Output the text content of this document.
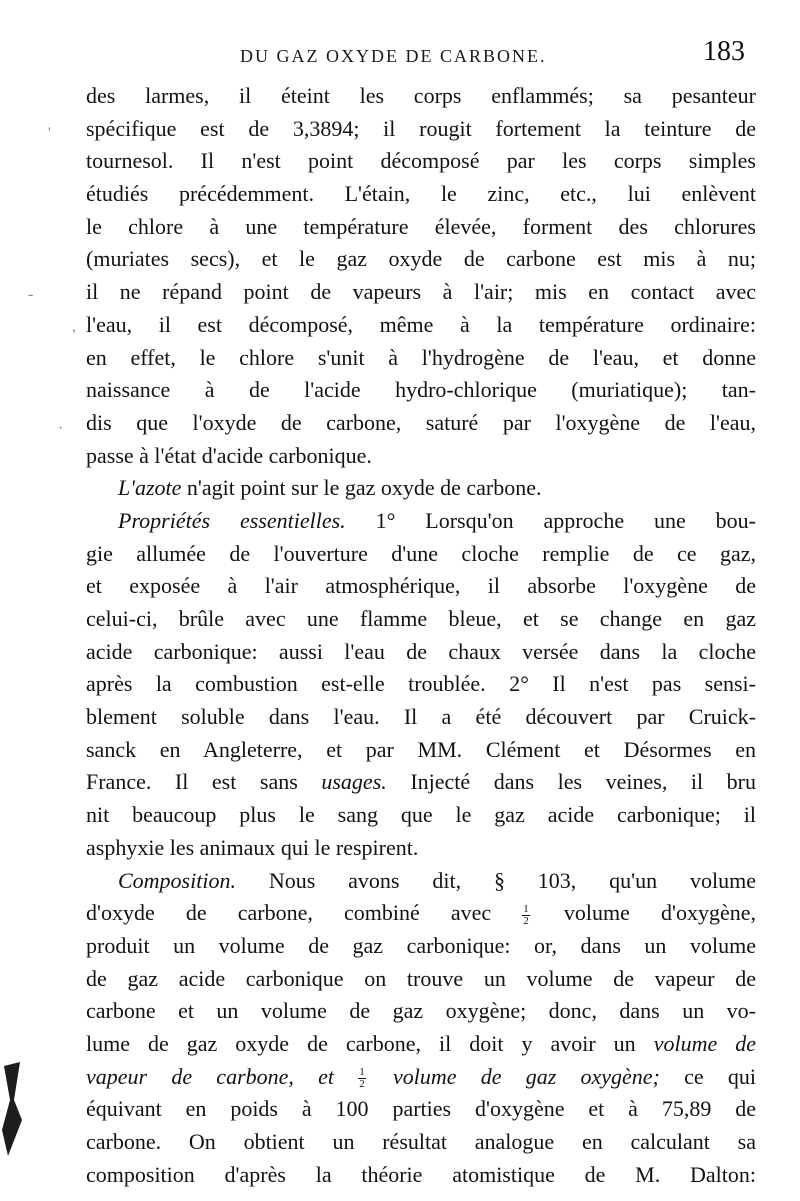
DU GAZ OXYDE DE CARBONE.	183
des larmes, il éteint les corps enflammés; sa pesanteur
spécifique est de 3,3894; il rougit fortement la teinture de
tournesol. Il n'est point décomposé par les corps simples
étudiés précédemment. L'étain, le zinc, etc., lui enlèvent
le chlore à une température élevée, forment des chlorures
(muriates secs), et le gaz oxyde de carbone est mis à nu;
il ne répand point de vapeurs à l'air; mis en contact avec
l'eau, il est décomposé, même à la température ordinaire:
en effet, le chlore s'unit à l'hydrogène de l'eau, et donne
naissance à de l'acide hydro-chlorique (muriatique); tan-
dis que l'oxyde de carbone, saturé par l'oxygène de l'eau,
passe à l'état d'acide carbonique.
L' azote n'agit point sur le gaz oxyde de carbone.
Propriétés essentielles. 1° Lorsqu'on approche une bou-
gie allumée de l'ouverture d'une cloche remplie de ce gaz,
et exposée à l'air atmosphérique, il absorbe l'oxygène de
celui-ci, brûle avec une flamme bleue, et se change en gaz
acide carbonique: aussi l'eau de chaux versée dans la cloche
après la combustion est-elle troublée. 2° Il n'est pas sensi-
blement soluble dans l'eau. Il a été découvert par Cruick-
sanck en Angleterre, et par MM. Clément et Désormes en
France. Il est sans usages. Injecté dans les veines, il bru
nit beaucoup plus le sang que le gaz acide carbonique; il
asphyxie les animaux qui le respirent.
Composition. Nous avons dit, § 103, qu'un volume
d'oxyde de carbone, combiné avec $\frac{1}{2}$ volume d'oxygène,
produit un volume de gaz carbonique: or, dans un volume
de gaz acide carbonique on trouve un volume de vapeur de
carbone et un volume de gaz oxygène; donc, dans un vo-
lume de gaz oxyde de carbone, il doit y avoir un volume de
vapeur de carbone, et $\frac{1}{2}$ volume de gaz oxygène; ce qui
équivant en poids à 100 parties d'oxygène et à 75,89 de
carbone. On obtient un résultat analogue en calculant sa
composition d'après la théorie atomistique de M. Dalton:
'
-
,
·
